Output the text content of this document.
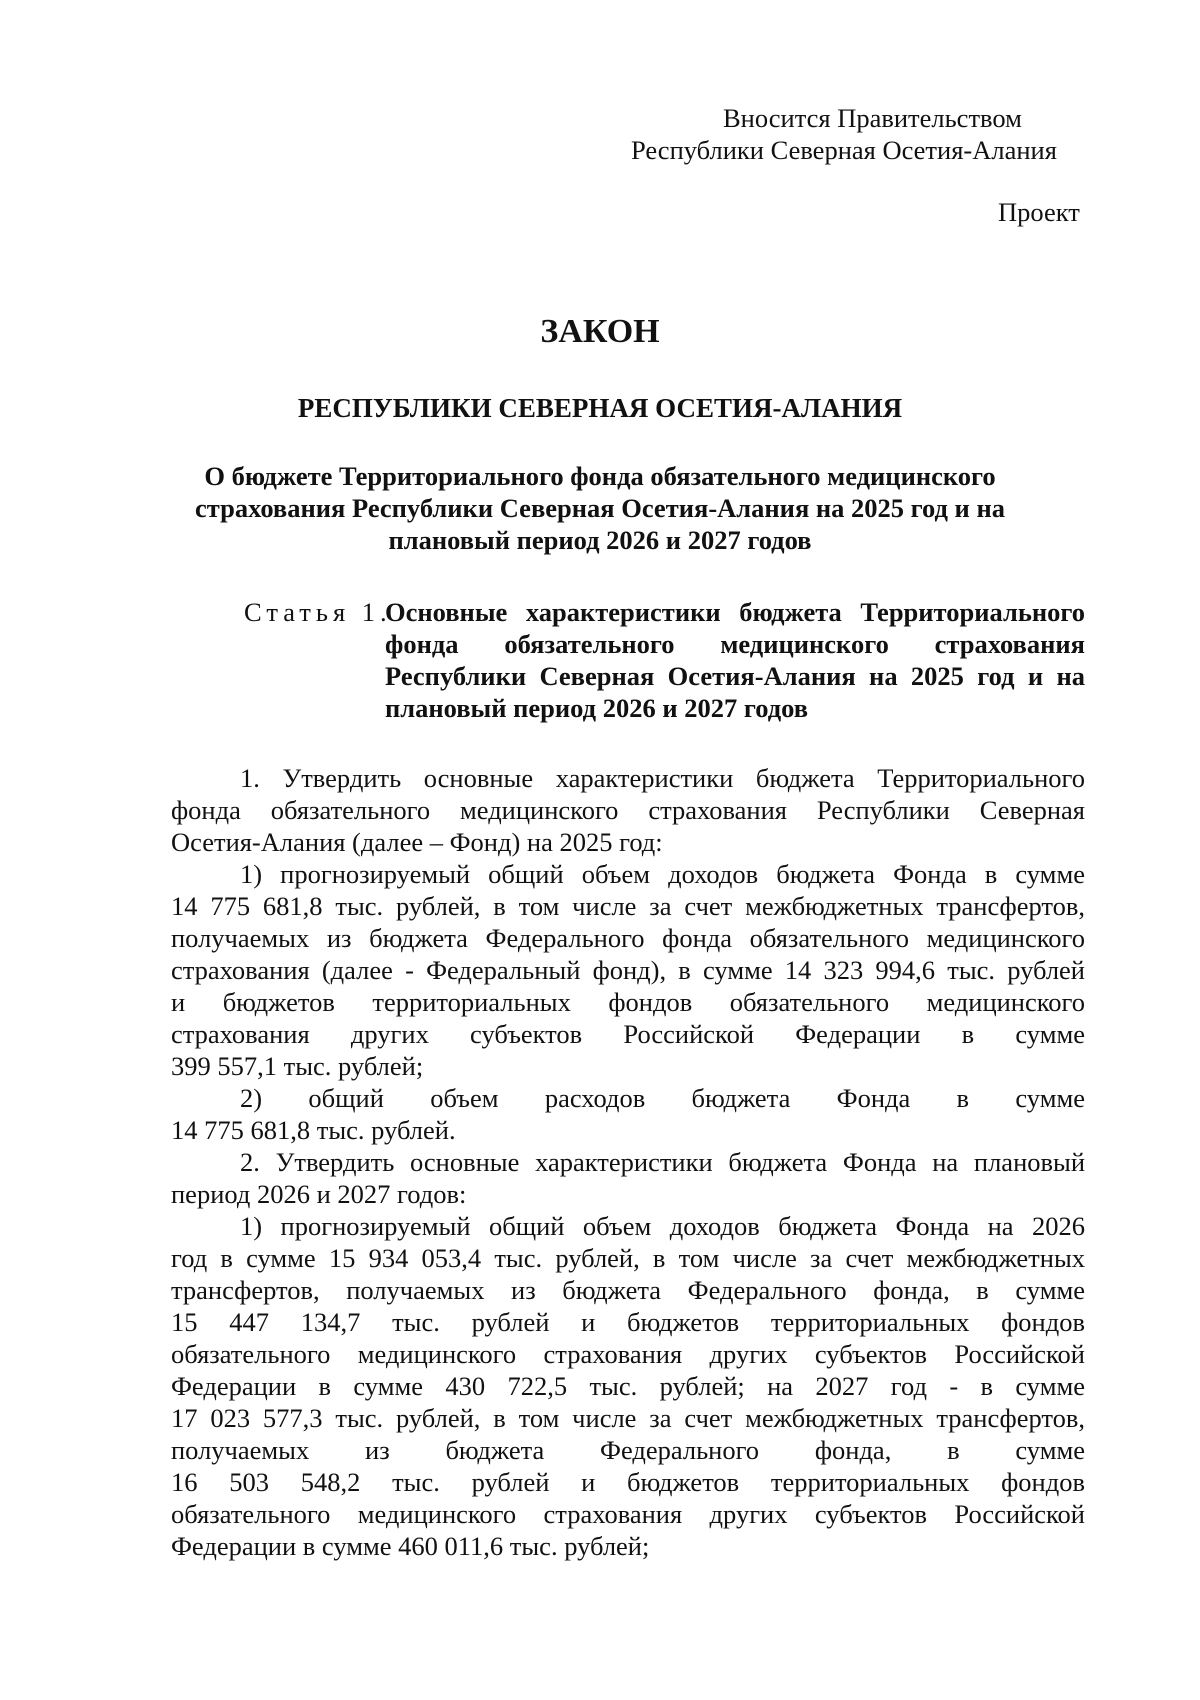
Вносится Правительством
Республики Северная Осетия-Алания
Проект
ЗАКОН
РЕСПУБЛИКИ СЕВЕРНАЯ ОСЕТИЯ-АЛАНИЯ
О бюджете Территориального фонда обязательного медицинского
страхования Республики Северная Осетия-Алания на 2025 год и на
плановый период 2026 и 2027 годов
Статья 1.
Основные характеристики бюджета Территориального
фонда обязательного медицинского страхования
Республики Северная Осетия-Алания на 2025 год и на
плановый период 2026 и 2027 годов
1. Утвердить основные характеристики бюджета Территориального
фонда обязательного медицинского страхования Республики Северная
Осетия-Алания (далее – Фонд) на 2025 год:
1) прогнозируемый общий объем доходов бюджета Фонда в сумме
14 775 681,8 тыс. рублей, в том числе за счет межбюджетных трансфертов,
получаемых из бюджета Федерального фонда обязательного медицинского
страхования (далее - Федеральный фонд), в сумме 14 323 994,6 тыс. рублей
и бюджетов территориальных фондов обязательного медицинского
страхования других субъектов Российской Федерации в сумме
399 557,1 тыс. рублей;
2) общий объем расходов бюджета Фонда в сумме
14 775 681,8 тыс. рублей.
2. Утвердить основные характеристики бюджета Фонда на плановый
период 2026 и 2027 годов:
1) прогнозируемый общий объем доходов бюджета Фонда на 2026
год в сумме 15 934 053,4 тыс. рублей, в том числе за счет межбюджетных
трансфертов, получаемых из бюджета Федерального фонда, в сумме
15 447 134,7 тыс. рублей и бюджетов территориальных фондов
обязательного медицинского страхования других субъектов Российской
Федерации в сумме 430 722,5 тыс. рублей; на 2027 год - в сумме
17 023 577,3 тыс. рублей, в том числе за счет межбюджетных трансфертов,
получаемых из бюджета Федерального фонда, в сумме
16 503 548,2 тыс. рублей и бюджетов территориальных фондов
обязательного медицинского страхования других субъектов Российской
Федерации в сумме 460 011,6 тыс. рублей;
